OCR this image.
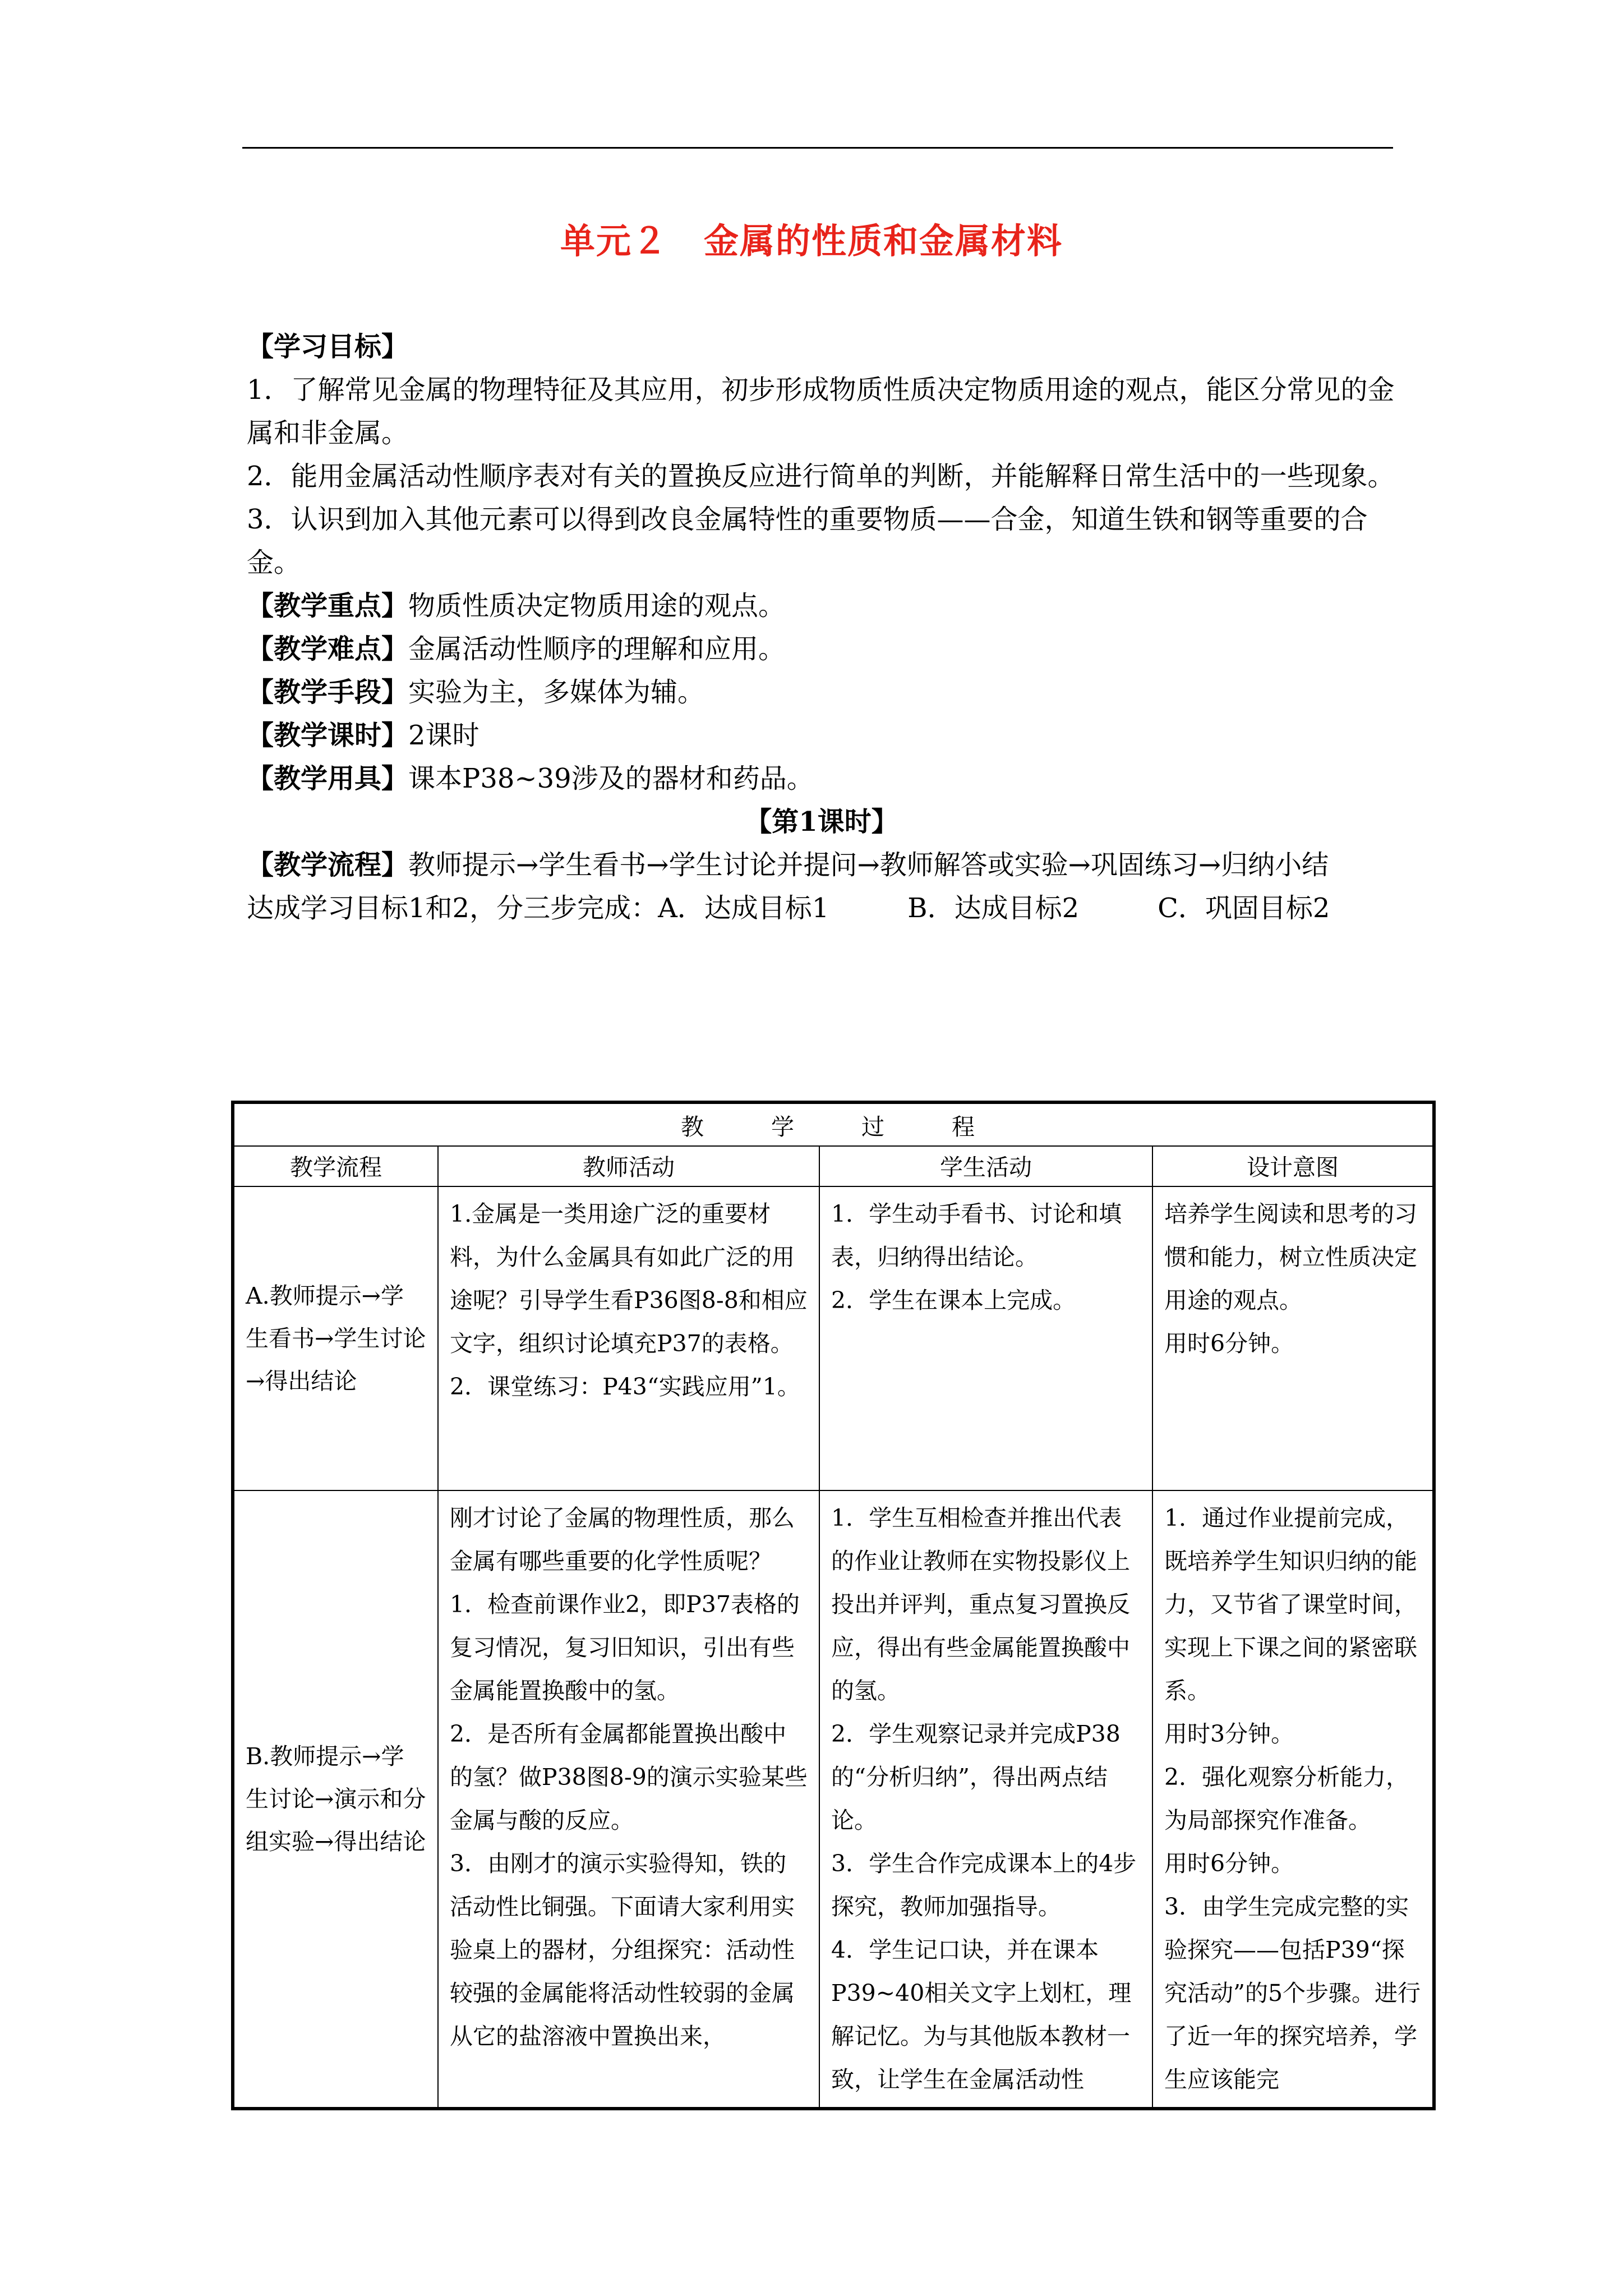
单元２　金属的性质和金属材料

【学习目标】

1．了解常见金属的物理特征及其应用，初步形成物质性质决定物质用途的观点，能区分常见的金属和非金属。

2．能用金属活动性顺序表对有关的置换反应进行简单的判断，并能解释日常生活中的一些现象。

3．认识到加入其他元素可以得到改良金属特性的重要物质——合金，知道生铁和钢等重要的合金。

【教学重点】物质性质决定物质用途的观点。

【教学难点】金属活动性顺序的理解和应用。

【教学手段】实验为主，多媒体为辅。

【教学课时】2课时

【教学用具】课本P38~39涉及的器材和药品。

【第1课时】

【教学流程】教师提示→学生看书→学生讨论并提问→教师解答或实验→巩固练习→归纳小结

达成学习目标1和2，分三步完成：A．达成目标1	B．达成目标2	C．巩固目标2

教学过程			
教学流程	教师活动	学生活动	设计意图
A.教师提示→学生看书→学生讨论→得出结论	1.金属是一类用途广泛的重要材料，为什么金属具有如此广泛的用途呢？引导学生看P36图8-8和相应文字，组织讨论填充P37的表格。
2．课堂练习：P43“实践应用”1。	1．学生动手看书、讨论和填表，归纳得出结论。
2．学生在课本上完成。	培养学生阅读和思考的习惯和能力，树立性质决定用途的观点。
用时6分钟。

B.教师提示→学生讨论→演示和分组实验→得出结论	刚才讨论了金属的物理性质，那么金属有哪些重要的化学性质呢？
1．检查前课作业2，即P37表格的复习情况，复习旧知识，引出有些金属能置换酸中的氢。
2．是否所有金属都能置换出酸中的氢？做P38图8-9的演示实验某些金属与酸的反应。
3．由刚才的演示实验得知，铁的活动性比铜强。下面请大家利用实验桌上的器材，分组探究：活动性较强的金属能将活动性较弱的金属从它的盐溶液中置换出来，	1．学生互相检查并推出代表的作业让教师在实物投影仪上投出并评判，重点复习置换反应，得出有些金属能置换酸中的氢。
2．学生观察记录并完成P38的“分析归纳”，得出两点结论。
3．学生合作完成课本上的4步探究，教师加强指导。
4．学生记口诀，并在课本P39~40相关文字上划杠，理解记忆。为与其他版本教材一致，让学生在金属活动性	1．通过作业提前完成，既培养学生知识归纳的能力，又节省了课堂时间，实现上下课之间的紧密联系。
用时3分钟。
2．强化观察分析能力，为局部探究作准备。
用时6分钟。
3．由学生完成完整的实验探究——包括P39“探究活动”的5个步骤。进行了近一年的探究培养，学生应该能完
